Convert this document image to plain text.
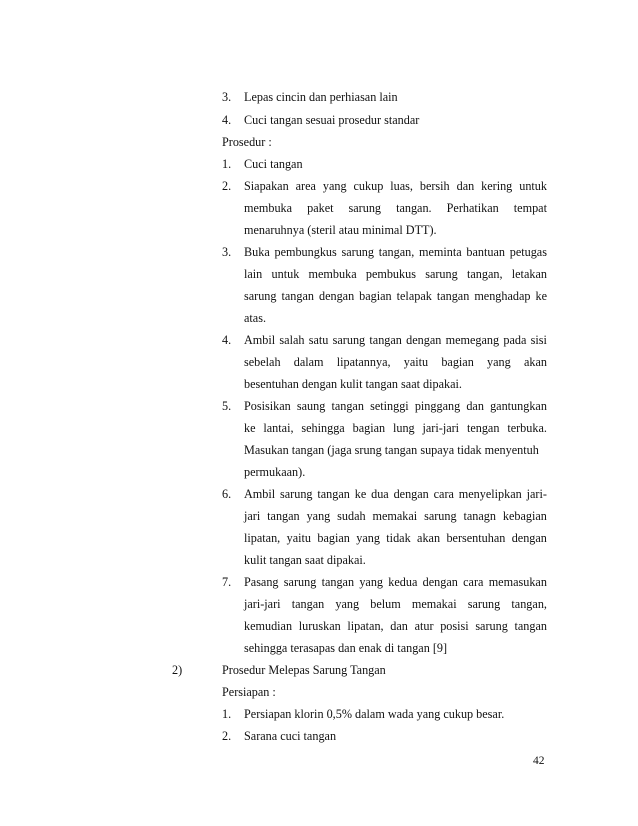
3. Lepas cincin dan perhiasan lain
4. Cuci tangan sesuai prosedur standar
Prosedur :
1. Cuci tangan
2. Siapakan area yang cukup luas, bersih dan kering untuk
membuka paket sarung tangan. Perhatikan tempat
menaruhnya (steril atau minimal DTT).
3. Buka pembungkus sarung tangan, meminta bantuan petugas
lain untuk membuka pembukus sarung tangan, letakan
sarung tangan dengan bagian telapak tangan menghadap ke
atas.
4. Ambil salah satu sarung tangan dengan memegang pada sisi
sebelah dalam lipatannya, yaitu bagian yang akan
besentuhan dengan kulit tangan saat dipakai.
5. Posisikan saung tangan setinggi pinggang dan gantungkan
ke lantai, sehingga bagian lung jari-jari tengan terbuka.
Masukan tangan (jaga srung tangan supaya tidak menyentuh
permukaan).
6. Ambil sarung tangan ke dua dengan cara menyelipkan jari-
jari tangan yang sudah memakai sarung tanagn kebagian
lipatan, yaitu bagian yang tidak akan bersentuhan dengan
kulit tangan saat dipakai.
7. Pasang sarung tangan yang kedua dengan cara memasukan
jari-jari tangan yang belum memakai sarung tangan,
kemudian luruskan lipatan, dan atur posisi sarung tangan
sehingga terasapas dan enak di tangan [9]
2)	Prosedur Melepas Sarung Tangan
Persiapan :
1. Persiapan klorin 0,5% dalam wada yang cukup besar.
2. Sarana cuci tangan
42
